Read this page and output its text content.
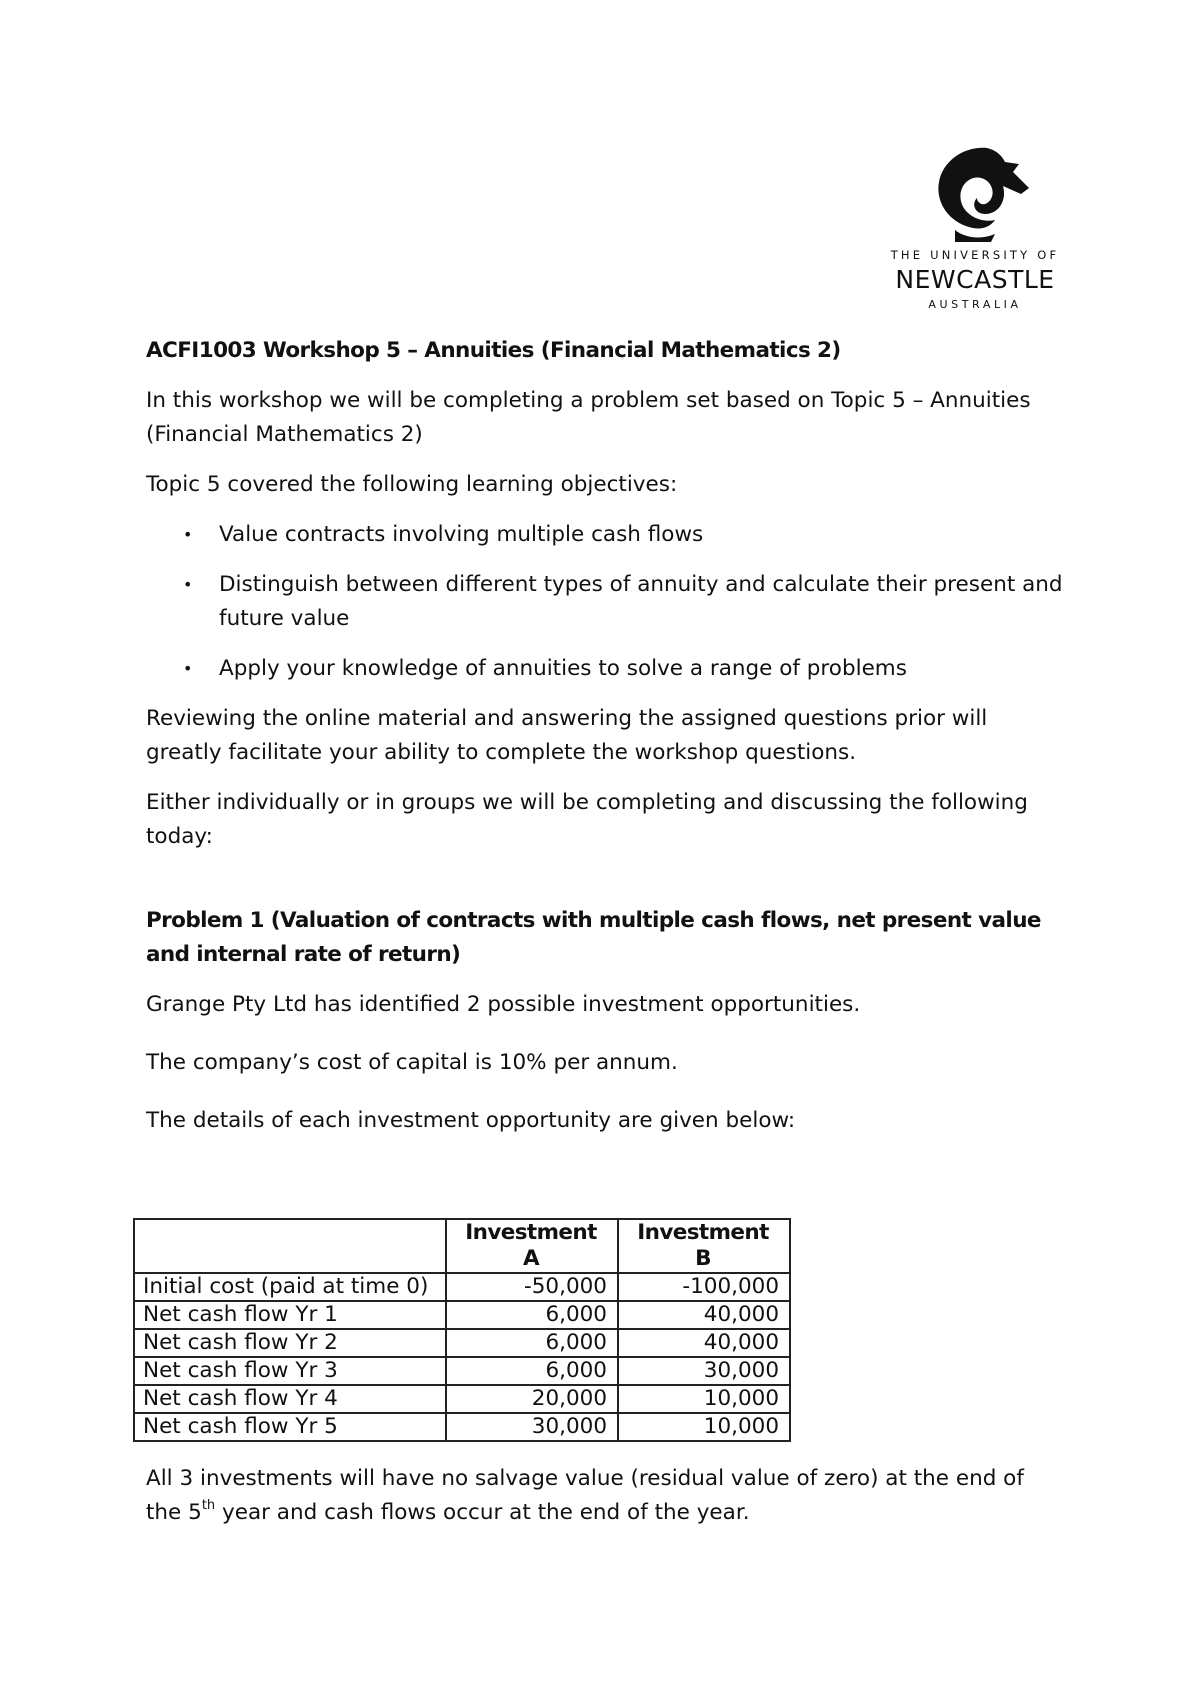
THE UNIVERSITY OF
NEWCASTLE
AUSTRALIA

ACFI1003 Workshop 5 – Annuities (Financial Mathematics 2)

In this workshop we will be completing a problem set based on Topic 5 – Annuities (Financial Mathematics 2)

Topic 5 covered the following learning objectives:

• Value contracts involving multiple cash flows
• Distinguish between different types of annuity and calculate their present and future value
• Apply your knowledge of annuities to solve a range of problems

Reviewing the online material and answering the assigned questions prior will greatly facilitate your ability to complete the workshop questions.

Either individually or in groups we will be completing and discussing the following today:

Problem 1 (Valuation of contracts with multiple cash flows, net present value and internal rate of return)

Grange Pty Ltd has identified 2 possible investment opportunities.

The company’s cost of capital is 10% per annum.

The details of each investment opportunity are given below:

	Investment A	Investment B
Initial cost (paid at time 0)	-50,000	-100,000
Net cash flow Yr 1	6,000	40,000
Net cash flow Yr 2	6,000	40,000
Net cash flow Yr 3	6,000	30,000
Net cash flow Yr 4	20,000	10,000
Net cash flow Yr 5	30,000	10,000

All 3 investments will have no salvage value (residual value of zero) at the end of the 5th year and cash flows occur at the end of the year.
